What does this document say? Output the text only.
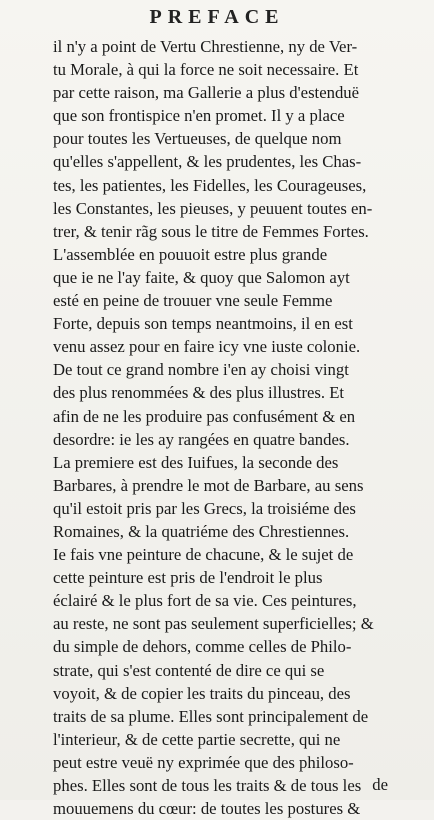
PREFACE
il n'y a point de Vertu Chrestienne, ny de Ver-
tu Morale, à qui la force ne soit necessaire. Et
par cette raison, ma Gallerie a plus d'estenduë
que son frontispice n'en promet. Il y a place
pour toutes les Vertueuses, de quelque nom
qu'elles s'appellent, & les prudentes, les Chas-
tes, les patientes, les Fidelles, les Courageuses,
les Constantes, les pieuses, y peuuent toutes en-
trer, & tenir rãg sous le titre de Femmes Fortes.
L'assemblée en pouuoit estre plus grande
que ie ne l'ay faite, & quoy que Salomon ayt
esté en peine de trouuer vne seule Femme
Forte, depuis son temps neantmoins, il en est
venu assez pour en faire icy vne iuste colonie.
De tout ce grand nombre i'en ay choisi vingt
des plus renommées & des plus illustres. Et
afin de ne les produire pas confusément & en
desordre: ie les ay rangées en quatre bandes.
La premiere est des Iuifues, la seconde des
Barbares, à prendre le mot de Barbare, au sens
qu'il estoit pris par les Grecs, la troisiéme des
Romaines, & la quatriéme des Chrestiennes.
Ie fais vne peinture de chacune, & le sujet de
cette peinture est pris de l'endroit le plus
éclairé & le plus fort de sa vie. Ces peintures,
au reste, ne sont pas seulement superficielles; &
du simple de dehors, comme celles de Philo-
strate, qui s'est contenté de dire ce qui se
voyoit, & de copier les traits du pinceau, des
traits de sa plume. Elles sont principalement de
l'interieur, & de cette partie secrette, qui ne
peut estre veuë ny exprimée que des philoso-
phes. Elles sont de tous les traits & de tous les
mouuemens du cœur: de toutes les postures &
de
